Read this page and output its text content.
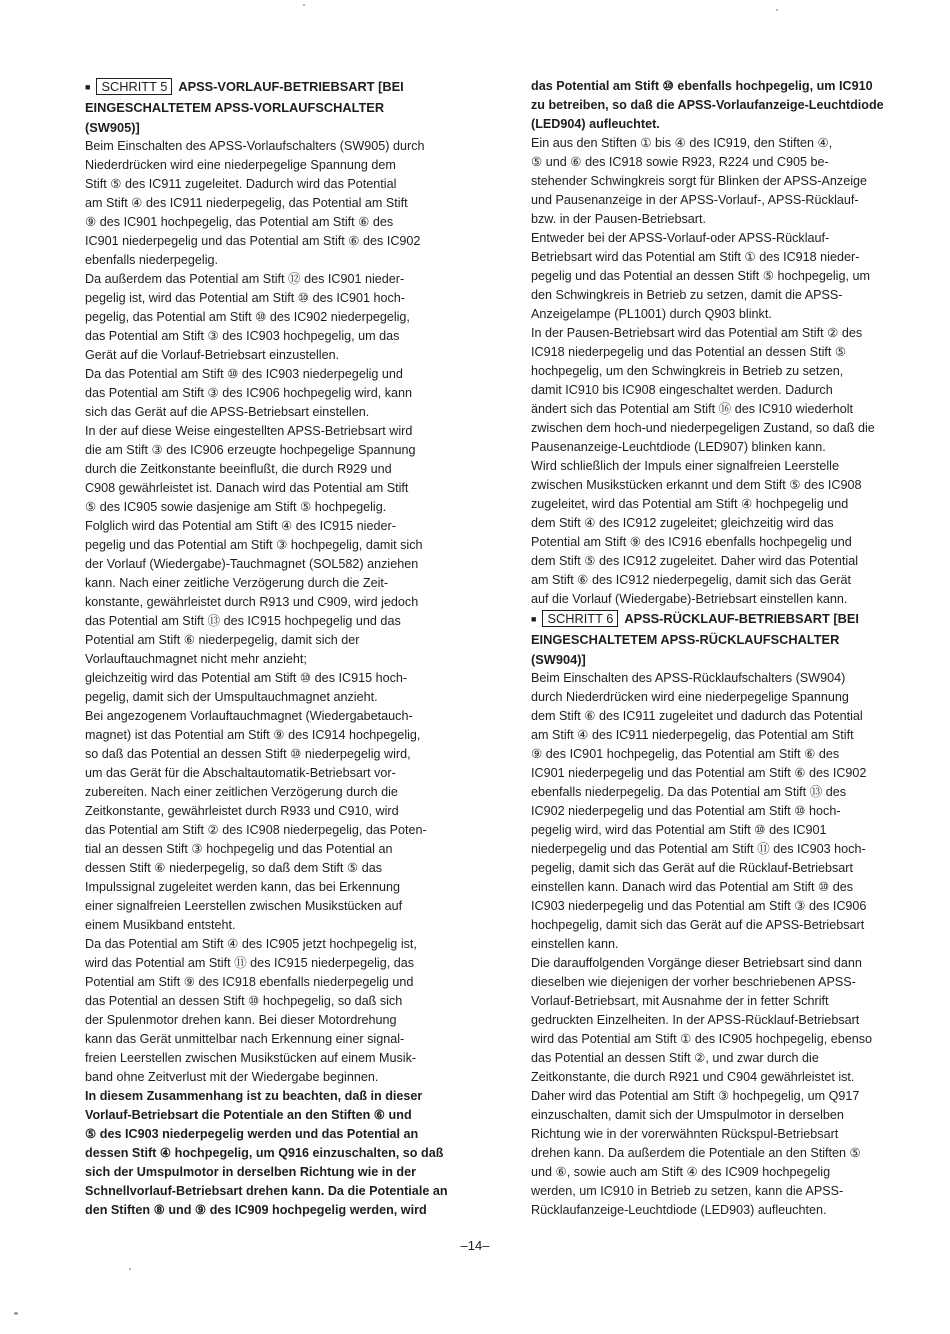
■ SCHRITT 5 APSS-VORLAUF-BETRIEBSART [BEI
EINGESCHALTETEM APSS-VORLAUFSCHALTER
(SW905)]
Beim Einschalten des APSS-Vorlaufschalters (SW905) durch
Niederdrücken wird eine niederpegelige Spannung dem
Stift ⑤ des IC911 zugeleitet. Dadurch wird das Potential
am Stift ④ des IC911 niederpegelig, das Potential am Stift
⑨ des IC901 hochpegelig, das Potential am Stift ⑥ des
IC901 niederpegelig und das Potential am Stift ⑥ des IC902
ebenfalls niederpegelig.
Da außerdem das Potential am Stift ⑫ des IC901 nieder-
pegelig ist, wird das Potential am Stift ⑩ des IC901 hoch-
pegelig, das Potential am Stift ⑩ des IC902 niederpegelig,
das Potential am Stift ③ des IC903 hochpegelig, um das
Gerät auf die Vorlauf-Betriebsart einzustellen.
Da das Potential am Stift ⑩ des IC903 niederpegelig und
das Potential am Stift ③ des IC906 hochpegelig wird, kann
sich das Gerät auf die APSS-Betriebsart einstellen.
In der auf diese Weise eingestellten APSS-Betriebsart wird
die am Stift ③ des IC906 erzeugte hochpegelige Spannung
durch die Zeitkonstante beeinflußt, die durch R929 und
C908 gewährleistet ist. Danach wird das Potential am Stift
⑤ des IC905 sowie dasjenige am Stift ⑤ hochpegelig.
Folglich wird das Potential am Stift ④ des IC915 nieder-
pegelig und das Potential am Stift ③ hochpegelig, damit sich
der Vorlauf (Wiedergabe)-Tauchmagnet (SOL582) anziehen
kann. Nach einer zeitliche Verzögerung durch die Zeit-
konstante, gewährleistet durch R913 und C909, wird jedoch
das Potential am Stift ⑬ des IC915 hochpegelig und das
Potential am Stift ⑥ niederpegelig, damit sich der
Vorlauftauchmagnet nicht mehr anzieht;
gleichzeitig wird das Potential am Stift ⑩ des IC915 hoch-
pegelig, damit sich der Umspultauchmagnet anzieht.
Bei angezogenem Vorlauftauchmagnet (Wiedergabetauch-
magnet) ist das Potential am Stift ⑨ des IC914 hochpegelig,
so daß das Potential an dessen Stift ⑩ niederpegelig wird,
um das Gerät für die Abschaltautomatik-Betriebsart vor-
zubereiten. Nach einer zeitlichen Verzögerung durch die
Zeitkonstante, gewährleistet durch R933 und C910, wird
das Potential am Stift ② des IC908 niederpegelig, das Poten-
tial an dessen Stift ③ hochpegelig und das Potential an
dessen Stift ⑥ niederpegelig, so daß dem Stift ⑤ das
Impulssignal zugeleitet werden kann, das bei Erkennung
einer signalfreien Leerstellen zwischen Musikstücken auf
einem Musikband entsteht.
Da das Potential am Stift ④ des IC905 jetzt hochpegelig ist,
wird das Potential am Stift ⑪ des IC915 niederpegelig, das
Potential am Stift ⑨ des IC918 ebenfalls niederpegelig und
das Potential an dessen Stift ⑩ hochpegelig, so daß sich
der Spulenmotor drehen kann. Bei dieser Motordrehung
kann das Gerät unmittelbar nach Erkennung einer signal-
freien Leerstellen zwischen Musikstücken auf einem Musik-
band ohne Zeitverlust mit der Wiedergabe beginnen.
In diesem Zusammenhang ist zu beachten, daß in dieser
Vorlauf-Betriebsart die Potentiale an den Stiften ⑥ und
⑤ des IC903 niederpegelig werden und das Potential an
dessen Stift ④ hochpegelig, um Q916 einzuschalten, so daß
sich der Umspulmotor in derselben Richtung wie in der
Schnellvorlauf-Betriebsart drehen kann. Da die Potentiale an
den Stiften ⑧ und ⑨ des IC909 hochpegelig werden, wird
das Potential am Stift ⑩ ebenfalls hochpegelig, um IC910
zu betreiben, so daß die APSS-Vorlaufanzeige-Leuchtdiode
(LED904) aufleuchtet.
Ein aus den Stiften ① bis ④ des IC919, den Stiften ④,
⑤ und ⑥ des IC918 sowie R923, R224 und C905 be-
stehender Schwingkreis sorgt für Blinken der APSS-Anzeige
und Pausenanzeige in der APSS-Vorlauf-, APSS-Rücklauf-
bzw. in der Pausen-Betriebsart.
Entweder bei der APSS-Vorlauf-oder APSS-Rücklauf-
Betriebsart wird das Potential am Stift ① des IC918 nieder-
pegelig und das Potential an dessen Stift ⑤ hochpegelig, um
den Schwingkreis in Betrieb zu setzen, damit die APSS-
Anzeigelampe (PL1001) durch Q903 blinkt.
In der Pausen-Betriebsart wird das Potential am Stift ② des
IC918 niederpegelig und das Potential an dessen Stift ⑤
hochpegelig, um den Schwingkreis in Betrieb zu setzen,
damit IC910 bis IC908 eingeschaltet werden. Dadurch
ändert sich das Potential am Stift ⑯ des IC910 wiederholt
zwischen dem hoch-und niederpegeligen Zustand, so daß die
Pausenanzeige-Leuchtdiode (LED907) blinken kann.
Wird schließlich der Impuls einer signalfreien Leerstelle
zwischen Musikstücken erkannt und dem Stift ⑤ des IC908
zugeleitet, wird das Potential am Stift ④ hochpegelig und
dem Stift ④ des IC912 zugeleitet; gleichzeitig wird das
Potential am Stift ⑨ des IC916 ebenfalls hochpegelig und
dem Stift ⑤ des IC912 zugeleitet. Daher wird das Potential
am Stift ⑥ des IC912 niederpegelig, damit sich das Gerät
auf die Vorlauf (Wiedergabe)-Betriebsart einstellen kann.
■ SCHRITT 6 APSS-RÜCKLAUF-BETRIEBSART [BEI
EINGESCHALTETEM APSS-RÜCKLAUFSCHALTER
(SW904)]
Beim Einschalten des APSS-Rücklaufschalters (SW904)
durch Niederdrücken wird eine niederpegelige Spannung
dem Stift ⑥ des IC911 zugeleitet und dadurch das Potential
am Stift ④ des IC911 niederpegelig, das Potential am Stift
⑨ des IC901 hochpegelig, das Potential am Stift ⑥ des
IC901 niederpegelig und das Potential am Stift ⑥ des IC902
ebenfalls niederpegelig. Da das Potential am Stift ⑬ des
IC902 niederpegelig und das Potential am Stift ⑩ hoch-
pegelig wird, wird das Potential am Stift ⑩ des IC901
niederpegelig und das Potential am Stift ⑪ des IC903 hoch-
pegelig, damit sich das Gerät auf die Rücklauf-Betriebsart
einstellen kann. Danach wird das Potential am Stift ⑩ des
IC903 niederpegelig und das Potential am Stift ③ des IC906
hochpegelig, damit sich das Gerät auf die APSS-Betriebsart
einstellen kann.
Die darauffolgenden Vorgänge dieser Betriebsart sind dann
dieselben wie diejenigen der vorher beschriebenen APSS-
Vorlauf-Betriebsart, mit Ausnahme der in fetter Schrift
gedruckten Einzelheiten. In der APSS-Rücklauf-Betriebsart
wird das Potential am Stift ① des IC905 hochpegelig, ebenso
das Potential an dessen Stift ②, und zwar durch die
Zeitkonstante, die durch R921 und C904 gewährleistet ist.
Daher wird das Potential am Stift ③ hochpegelig, um Q917
einzuschalten, damit sich der Umspulmotor in derselben
Richtung wie in der vorerwähnten Rückspul-Betriebsart
drehen kann. Da außerdem die Potentiale an den Stiften ⑤
und ⑥, sowie auch am Stift ④ des IC909 hochpegelig
werden, um IC910 in Betrieb zu setzen, kann die APSS-
Rücklaufanzeige-Leuchtdiode (LED903) aufleuchten.
–14–
